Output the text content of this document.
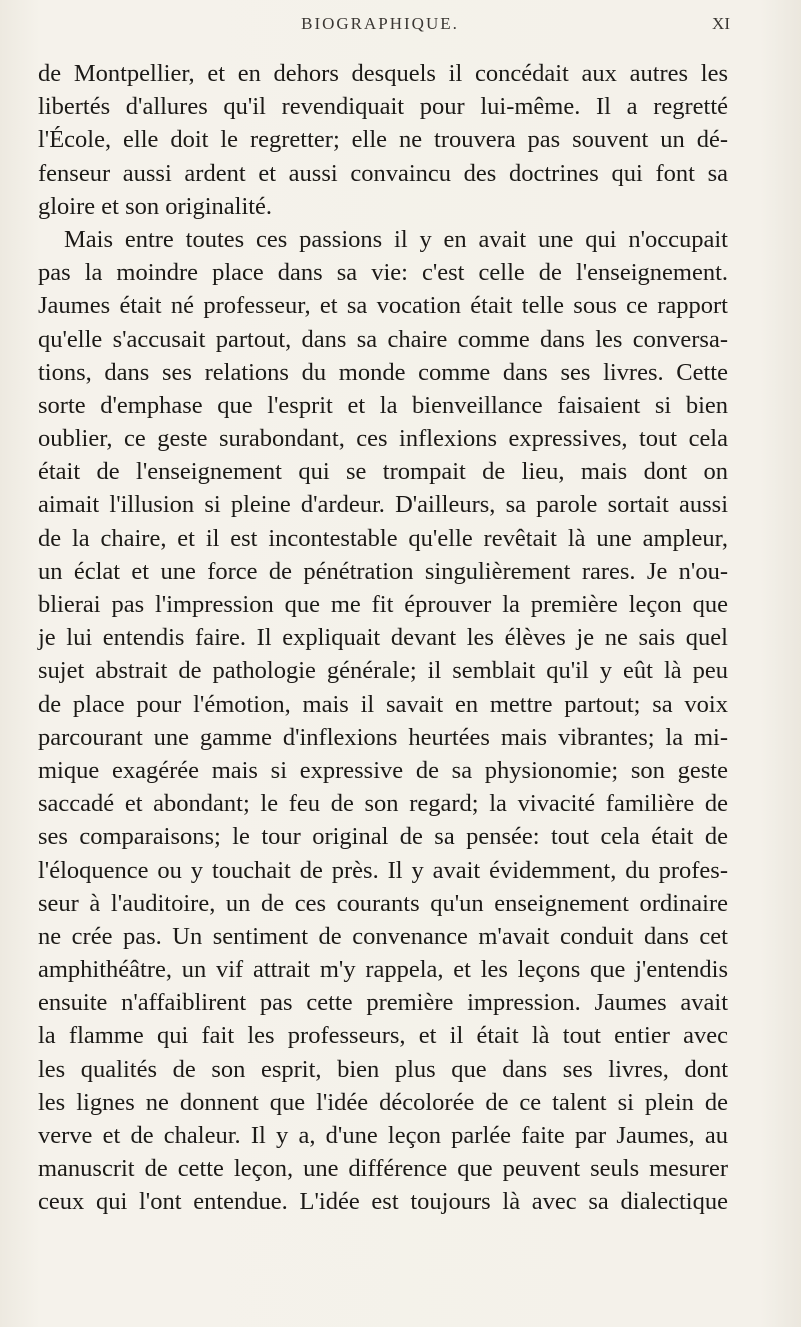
BIOGRAPHIQUE.	XI
de Montpellier, et en dehors desquels il concédait aux autres les
libertés d'allures qu'il revendiquait pour lui-même. Il a regretté
l'École, elle doit le regretter; elle ne trouvera pas souvent un dé-
fenseur aussi ardent et aussi convaincu des doctrines qui font sa
gloire et son originalité.
Mais entre toutes ces passions il y en avait une qui n'occupait
pas la moindre place dans sa vie: c'est celle de l'enseignement.
Jaumes était né professeur, et sa vocation était telle sous ce rapport
qu'elle s'accusait partout, dans sa chaire comme dans les conversa-
tions, dans ses relations du monde comme dans ses livres. Cette
sorte d'emphase que l'esprit et la bienveillance faisaient si bien
oublier, ce geste surabondant, ces inflexions expressives, tout cela
était de l'enseignement qui se trompait de lieu, mais dont on
aimait l'illusion si pleine d'ardeur. D'ailleurs, sa parole sortait aussi
de la chaire, et il est incontestable qu'elle revêtait là une ampleur,
un éclat et une force de pénétration singulièrement rares. Je n'ou-
blierai pas l'impression que me fit éprouver la première leçon que
je lui entendis faire. Il expliquait devant les élèves je ne sais quel
sujet abstrait de pathologie générale; il semblait qu'il y eût là peu
de place pour l'émotion, mais il savait en mettre partout; sa voix
parcourant une gamme d'inflexions heurtées mais vibrantes; la mi-
mique exagérée mais si expressive de sa physionomie; son geste
saccadé et abondant; le feu de son regard; la vivacité familière de
ses comparaisons; le tour original de sa pensée: tout cela était de
l'éloquence ou y touchait de près. Il y avait évidemment, du profes-
seur à l'auditoire, un de ces courants qu'un enseignement ordinaire
ne crée pas. Un sentiment de convenance m'avait conduit dans cet
amphithéâtre, un vif attrait m'y rappela, et les leçons que j'entendis
ensuite n'affaiblirent pas cette première impression. Jaumes avait
la flamme qui fait les professeurs, et il était là tout entier avec
les qualités de son esprit, bien plus que dans ses livres, dont
les lignes ne donnent que l'idée décolorée de ce talent si plein de
verve et de chaleur. Il y a, d'une leçon parlée faite par Jaumes, au
manuscrit de cette leçon, une différence que peuvent seuls mesurer
ceux qui l'ont entendue. L'idée est toujours là avec sa dialectique
